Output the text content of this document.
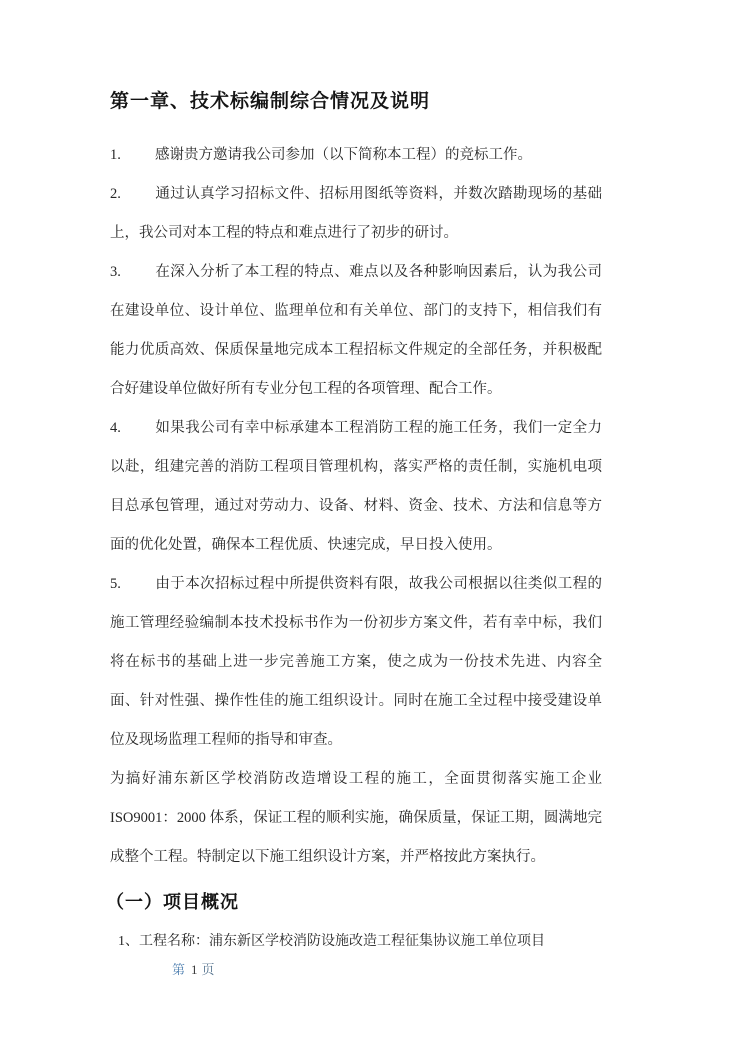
第一章、技术标编制综合情况及说明

1. 感谢贵方邀请我公司参加（以下简称本工程）的竞标工作。

2. 通过认真学习招标文件、招标用图纸等资料，并数次踏勘现场的基础上，我公司对本工程的特点和难点进行了初步的研讨。

3. 在深入分析了本工程的特点、难点以及各种影响因素后，认为我公司在建设单位、设计单位、监理单位和有关单位、部门的支持下，相信我们有能力优质高效、保质保量地完成本工程招标文件规定的全部任务，并积极配合好建设单位做好所有专业分包工程的各项管理、配合工作。

4. 如果我公司有幸中标承建本工程消防工程的施工任务，我们一定全力以赴，组建完善的消防工程项目管理机构，落实严格的责任制，实施机电项目总承包管理，通过对劳动力、设备、材料、资金、技术、方法和信息等方面的优化处置，确保本工程优质、快速完成，早日投入使用。

5. 由于本次招标过程中所提供资料有限，故我公司根据以往类似工程的施工管理经验编制本技术投标书作为一份初步方案文件，若有幸中标，我们将在标书的基础上进一步完善施工方案，使之成为一份技术先进、内容全面、针对性强、操作性佳的施工组织设计。同时在施工全过程中接受建设单位及现场监理工程师的指导和审查。

为搞好浦东新区学校消防改造增设工程的施工，全面贯彻落实施工企业 ISO9001：2000 体系，保证工程的顺利实施，确保质量，保证工期，圆满地完成整个工程。特制定以下施工组织设计方案，并严格按此方案执行。

（一）项目概况

1、工程名称：浦东新区学校消防设施改造工程征集协议施工单位项目

第 1 页
